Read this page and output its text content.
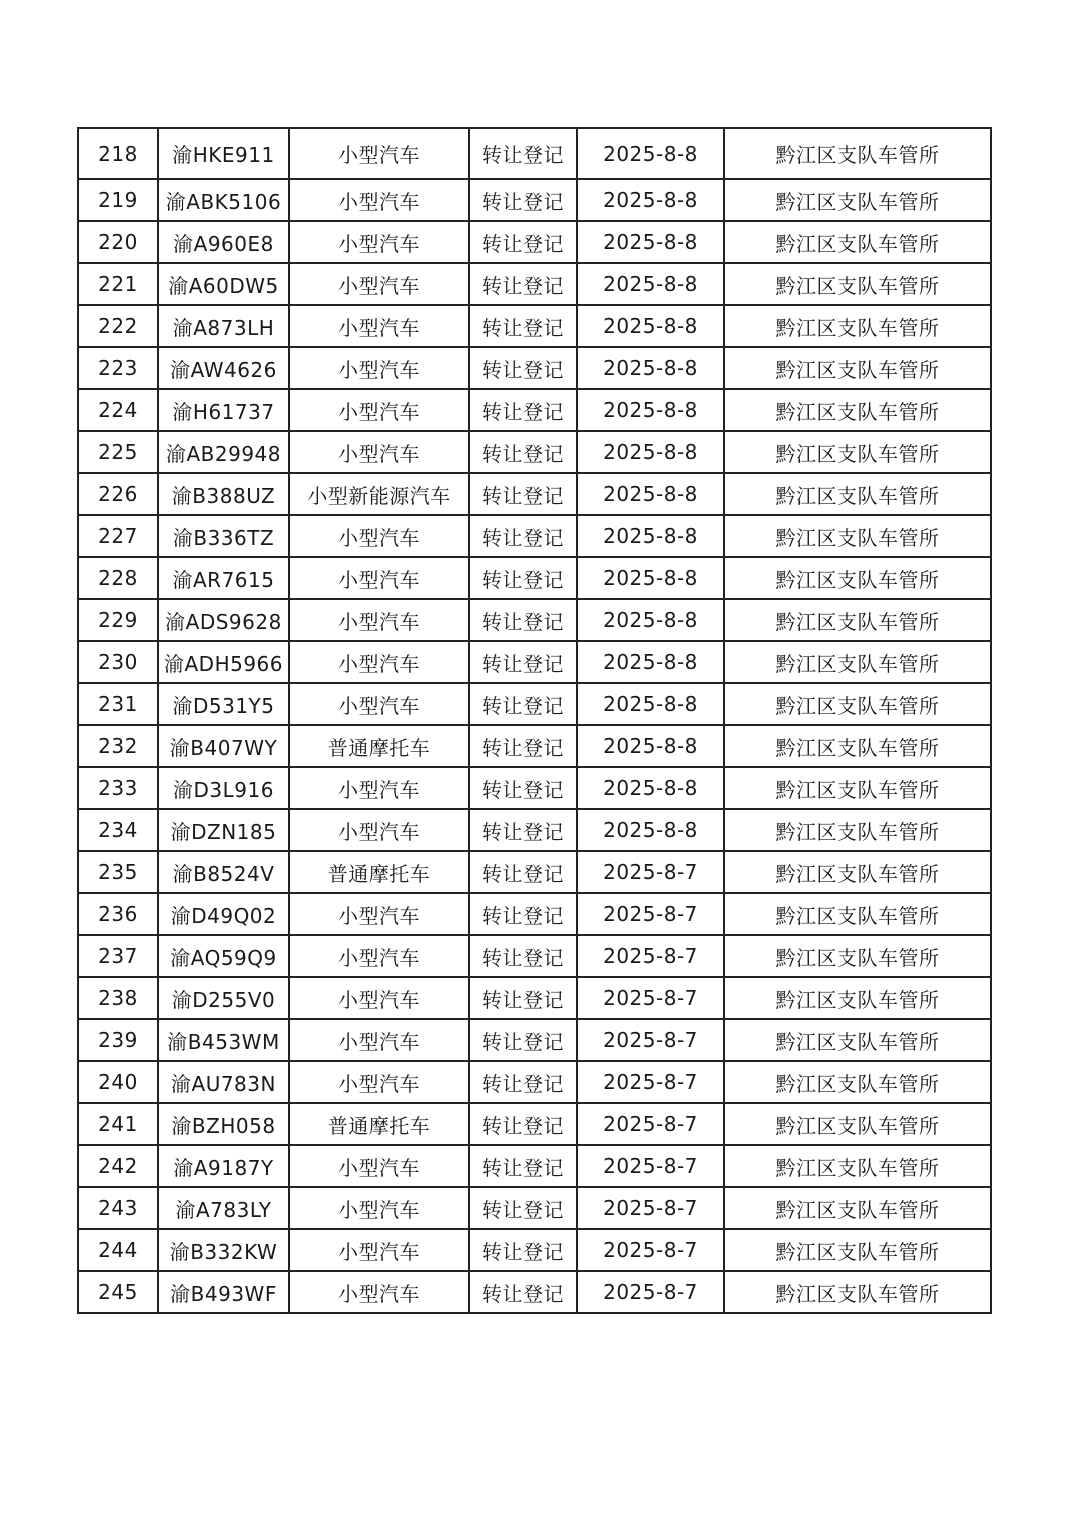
218	渝HKE911	小型汽车	转让登记	2025-8-8	黔江区支队车管所
219	渝ABK5106	小型汽车	转让登记	2025-8-8	黔江区支队车管所
220	渝A960E8	小型汽车	转让登记	2025-8-8	黔江区支队车管所
221	渝A60DW5	小型汽车	转让登记	2025-8-8	黔江区支队车管所
222	渝A873LH	小型汽车	转让登记	2025-8-8	黔江区支队车管所
223	渝AW4626	小型汽车	转让登记	2025-8-8	黔江区支队车管所
224	渝H61737	小型汽车	转让登记	2025-8-8	黔江区支队车管所
225	渝AB29948	小型汽车	转让登记	2025-8-8	黔江区支队车管所
226	渝B388UZ	小型新能源汽车	转让登记	2025-8-8	黔江区支队车管所
227	渝B336TZ	小型汽车	转让登记	2025-8-8	黔江区支队车管所
228	渝AR7615	小型汽车	转让登记	2025-8-8	黔江区支队车管所
229	渝ADS9628	小型汽车	转让登记	2025-8-8	黔江区支队车管所
230	渝ADH5966	小型汽车	转让登记	2025-8-8	黔江区支队车管所
231	渝D531Y5	小型汽车	转让登记	2025-8-8	黔江区支队车管所
232	渝B407WY	普通摩托车	转让登记	2025-8-8	黔江区支队车管所
233	渝D3L916	小型汽车	转让登记	2025-8-8	黔江区支队车管所
234	渝DZN185	小型汽车	转让登记	2025-8-8	黔江区支队车管所
235	渝B8524V	普通摩托车	转让登记	2025-8-7	黔江区支队车管所
236	渝D49Q02	小型汽车	转让登记	2025-8-7	黔江区支队车管所
237	渝AQ59Q9	小型汽车	转让登记	2025-8-7	黔江区支队车管所
238	渝D255V0	小型汽车	转让登记	2025-8-7	黔江区支队车管所
239	渝B453WM	小型汽车	转让登记	2025-8-7	黔江区支队车管所
240	渝AU783N	小型汽车	转让登记	2025-8-7	黔江区支队车管所
241	渝BZH058	普通摩托车	转让登记	2025-8-7	黔江区支队车管所
242	渝A9187Y	小型汽车	转让登记	2025-8-7	黔江区支队车管所
243	渝A783LY	小型汽车	转让登记	2025-8-7	黔江区支队车管所
244	渝B332KW	小型汽车	转让登记	2025-8-7	黔江区支队车管所
245	渝B493WF	小型汽车	转让登记	2025-8-7	黔江区支队车管所
